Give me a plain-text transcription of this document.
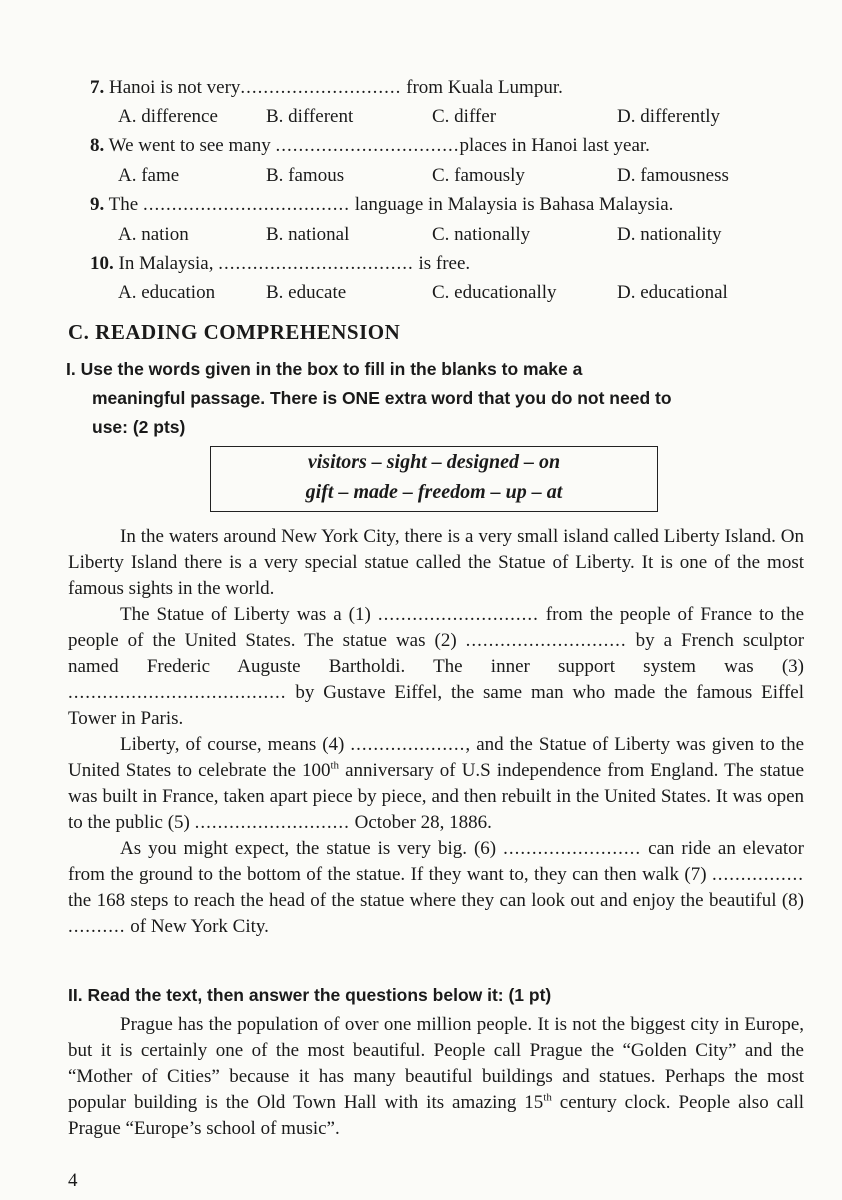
7. Hanoi is not very............................ from Kuala Lumpur.
A. difference	B. different	C. differ	D. differently
8. We went to see many ................................places in Hanoi last year.
A. fame	B. famous	C. famously	D. famousness
9. The .................................... language in Malaysia is Bahasa Malaysia.
A. nation	B. national	C. nationally	D. nationality
10. In Malaysia, .................................. is free.
A. education	B. educate	C. educationally	D. educational
C. READING COMPREHENSION
I. Use the words given in the box to fill in the blanks to make a
meaningful passage. There is ONE extra word that you do not need to
use: (2 pts)
visitors – sight – designed – on
gift – made – freedom – up – at

In the waters around New York City, there is a very small island called Liberty Island. On Liberty Island there is a very special statue called the Statue of Liberty. It is one of the most famous sights in the world.

The Statue of Liberty was a (1) ............................ from the people of France to the people of the United States. The statue was (2) ............................ by a French sculptor named Frederic Auguste Bartholdi. The inner support system was (3) ...................................... by Gustave Eiffel, the same man who made the famous Eiffel Tower in Paris.

Liberty, of course, means (4) ...................., and the Statue of Liberty was given to the United States to celebrate the 100th anniversary of U.S independence from England. The statue was built in France, taken apart piece by piece, and then rebuilt in the United States. It was open to the public (5) ........................... October 28, 1886.

As you might expect, the statue is very big. (6) ........................ can ride an elevator from the ground to the bottom of the statue. If they want to, they can then walk (7) ................ the 168 steps to reach the head of the statue where they can look out and enjoy the beautiful (8) .......... of New York City.

II. Read the text, then answer the questions below it: (1 pt)

Prague has the population of over one million people. It is not the biggest city in Europe, but it is certainly one of the most beautiful. People call Prague the “Golden City” and the “Mother of Cities” because it has many beautiful buildings and statues. Perhaps the most popular building is the Old Town Hall with its amazing 15th century clock. People also call Prague “Europe’s school of music”.

4
